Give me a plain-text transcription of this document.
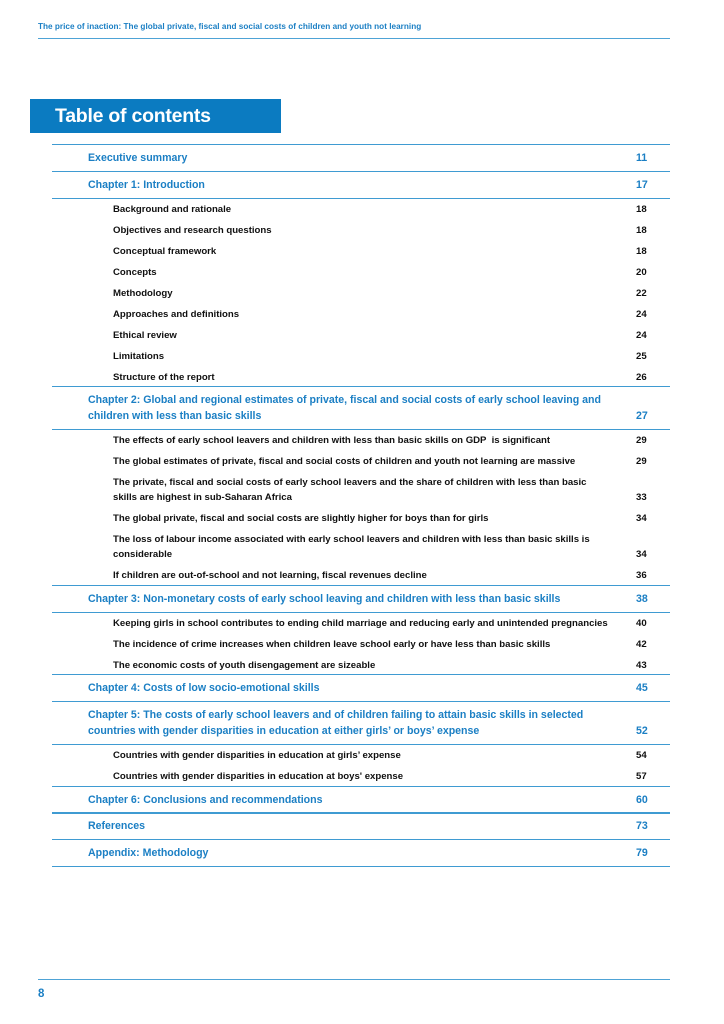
The price of inaction: The global private, fiscal and social costs of children and youth not learning
Table of contents
Executive summary	11
Chapter 1: Introduction	17
Background and rationale	18
Objectives and research questions	18
Conceptual framework	18
Concepts	20
Methodology	22
Approaches and definitions	24
Ethical review	24
Limitations	25
Structure of the report	26
Chapter 2: Global and regional estimates of private, fiscal and social costs of early school leaving and children with less than basic skills	27
The effects of early school leavers and children with less than basic skills on GDP  is significant	29
The global estimates of private, fiscal and social costs of children and youth not learning are massive	29
The private, fiscal and social costs of early school leavers and the share of children with less than basic skills are highest in sub-Saharan Africa	33
The global private, fiscal and social costs are slightly higher for boys than for girls	34
The loss of labour income associated with early school leavers and children with less than basic skills is considerable	34
If children are out-of-school and not learning, fiscal revenues decline	36
Chapter 3: Non-monetary costs of early school leaving and children with less than basic skills	38
Keeping girls in school contributes to ending child marriage and reducing early and unintended pregnancies	40
The incidence of crime increases when children leave school early or have less than basic skills	42
The economic costs of youth disengagement are sizeable	43
Chapter 4: Costs of low socio-emotional skills	45
Chapter 5: The costs of early school leavers and of children failing to attain basic skills in selected countries with gender disparities in education at either girls’ or boys’ expense	52
Countries with gender disparities in education at girls’ expense	54
Countries with gender disparities in education at boys' expense	57
Chapter 6: Conclusions and recommendations	60
References	73
Appendix: Methodology	79
8
